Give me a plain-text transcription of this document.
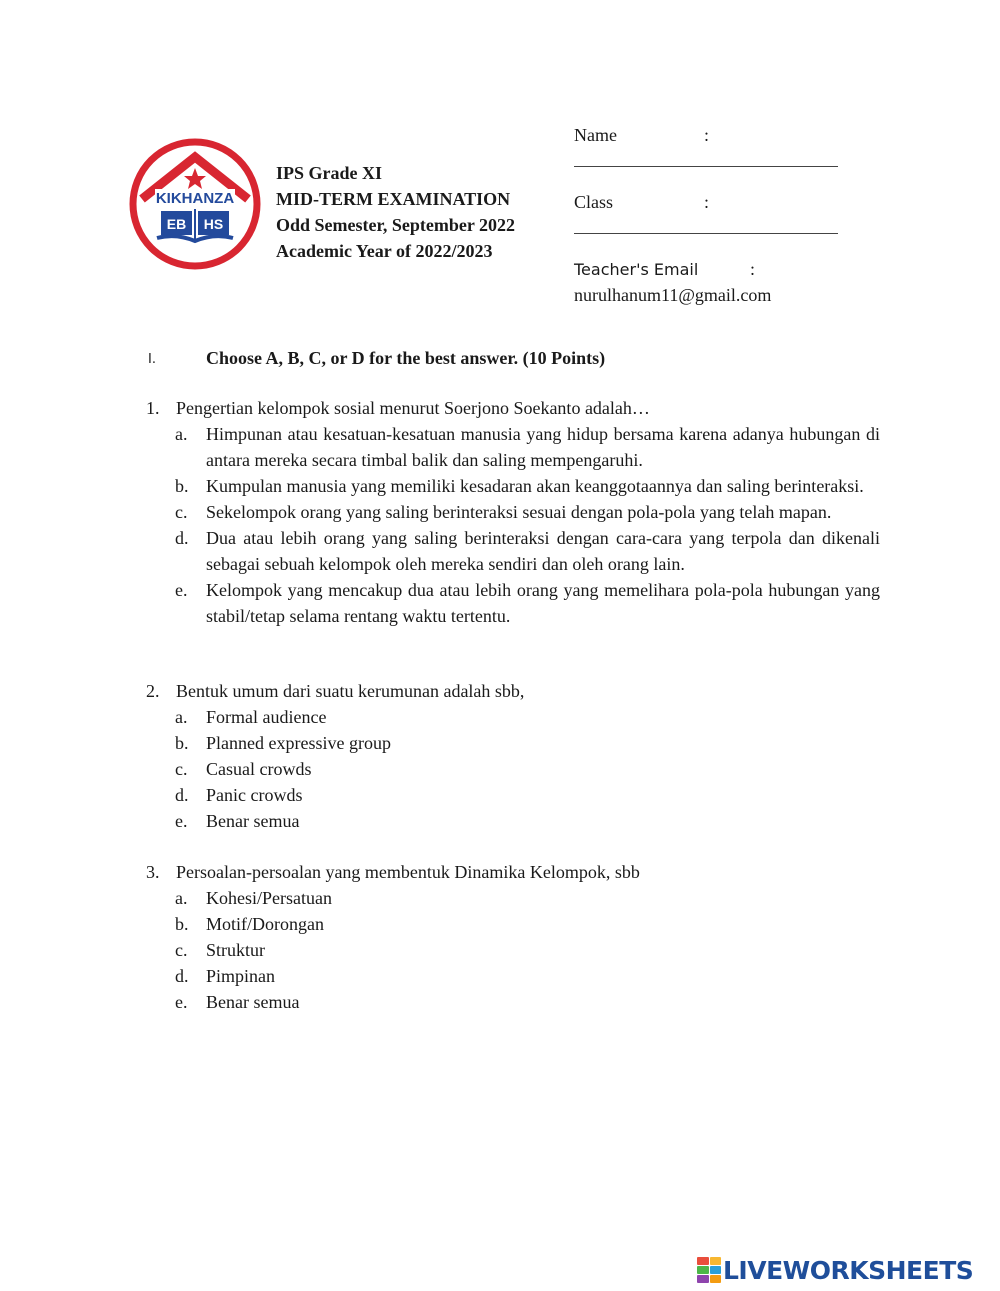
KIKHANZA
EB HS
IPS Grade XI
MID-TERM EXAMINATION
Odd Semester, September 2022
Academic Year of 2022/2023
Name	:
Class	:
Teacher's Email	:
nurulhanum11@gmail.com
I.	Choose A, B, C, or D for the best answer. (10 Points)
1. Pengertian kelompok sosial menurut Soerjono Soekanto adalah…
a. Himpunan atau kesatuan-kesatuan manusia yang hidup bersama karena adanya hubungan di antara mereka secara timbal balik dan saling mempengaruhi.
b. Kumpulan manusia yang memiliki kesadaran akan keanggotaannya dan saling berinteraksi.
c. Sekelompok orang yang saling berinteraksi sesuai dengan pola-pola yang telah mapan.
d. Dua atau lebih orang yang saling berinteraksi dengan cara-cara yang terpola dan dikenali sebagai sebuah kelompok oleh mereka sendiri dan oleh orang lain.
e. Kelompok yang mencakup dua atau lebih orang yang memelihara pola-pola hubungan yang stabil/tetap selama rentang waktu tertentu.
2. Bentuk umum dari suatu kerumunan adalah sbb,
a. Formal audience
b. Planned expressive group
c. Casual crowds
d. Panic crowds
e. Benar semua
3. Persoalan-persoalan yang membentuk Dinamika Kelompok, sbb
a. Kohesi/Persatuan
b. Motif/Dorongan
c. Struktur
d. Pimpinan
e. Benar semua
LIVEWORKSHEETS
